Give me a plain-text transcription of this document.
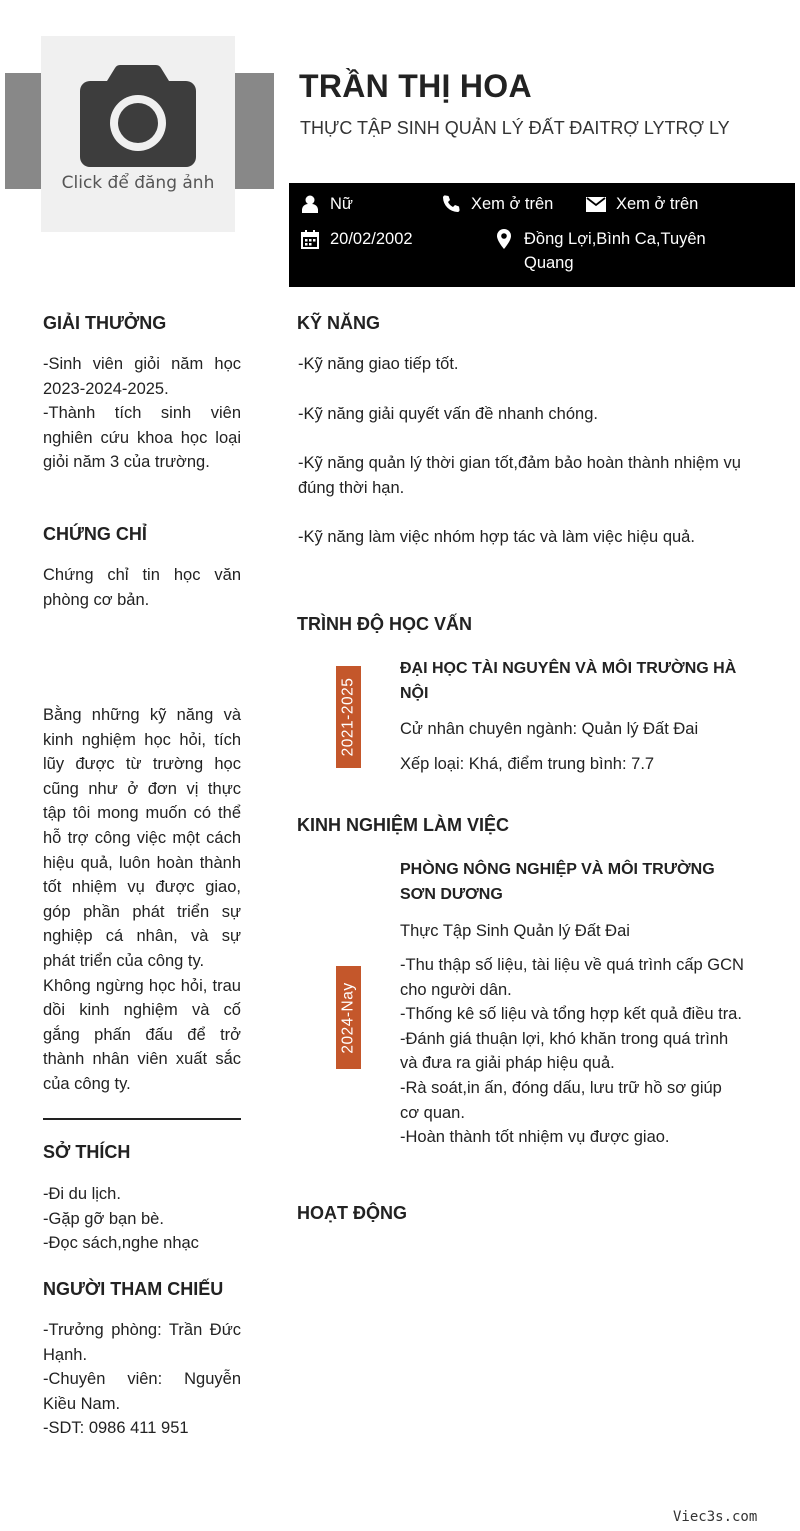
Click để đăng ảnh
TRẦN THỊ HOA
THỰC TẬP SINH QUẢN LÝ ĐẤT ĐAITRỢ LYTRỢ LY
Nữ	Xem ở trên	Xem ở trên
20/02/2002	Đồng Lợi,Bình Ca,Tuyên
Quang
GIẢI THƯỞNG

-Sinh viên giỏi năm học 2023-2024-2025.

-Thành tích sinh viên nghiên cứu khoa học loại giỏi năm 3 của trường.

CHỨNG CHỈ

Chứng chỉ tin học văn phòng cơ bản.

Bằng những kỹ năng và kinh nghiệm học hỏi, tích lũy được từ trường học cũng như ở đơn vị thực tập tôi mong muốn có thể hỗ trợ công việc một cách hiệu quả, luôn hoàn thành tốt nhiệm vụ được giao, góp phần phát triển sự nghiệp cá nhân, và sự phát triển của công ty.

Không ngừng học hỏi, trau dồi kinh nghiệm và cố gắng phấn đấu để trở thành nhân viên xuất sắc của công ty.

SỞ THÍCH

-Đi du lịch.

-Gặp gỡ bạn bè.

-Đọc sách,nghe nhạc

NGƯỜI THAM CHIẾU

-Trưởng phòng: Trần Đức Hạnh.

-Chuyên viên: Nguyễn Kiều Nam.

-SDT: 0986 411 951

KỸ NĂNG

-Kỹ năng giao tiếp tốt.

-Kỹ năng giải quyết vấn đề nhanh chóng.

-Kỹ năng quản lý thời gian tốt,đảm bảo hoàn thành nhiệm vụ đúng thời hạn.

-Kỹ năng làm việc nhóm hợp tác và làm việc hiệu quả.

TRÌNH ĐỘ HỌC VẤN
2021-2025
ĐẠI HỌC TÀI NGUYÊN VÀ MÔI TRƯỜNG HÀ NỘI
Cử nhân chuyên ngành: Quản lý Đất Đai
Xếp loại: Khá, điểm trung bình: 7.7
KINH NGHIỆM LÀM VIỆC
2024-Nay
PHÒNG NÔNG NGHIỆP VÀ MÔI TRƯỜNG SƠN DƯƠNG
Thực Tập Sinh Quản lý Đất Đai

-Thu thập số liệu, tài liệu về quá trình cấp GCN cho người dân.

-Thống kê số liệu và tổng hợp kết quả điều tra.

-Đánh giá thuận lợi, khó khăn trong quá trình và đưa ra giải pháp hiệu quả.

-Rà soát,in ấn, đóng dấu, lưu trữ hồ sơ giúp cơ quan.

-Hoàn thành tốt nhiệm vụ được giao.

HOẠT ĐỘNG
Viec3s.com
